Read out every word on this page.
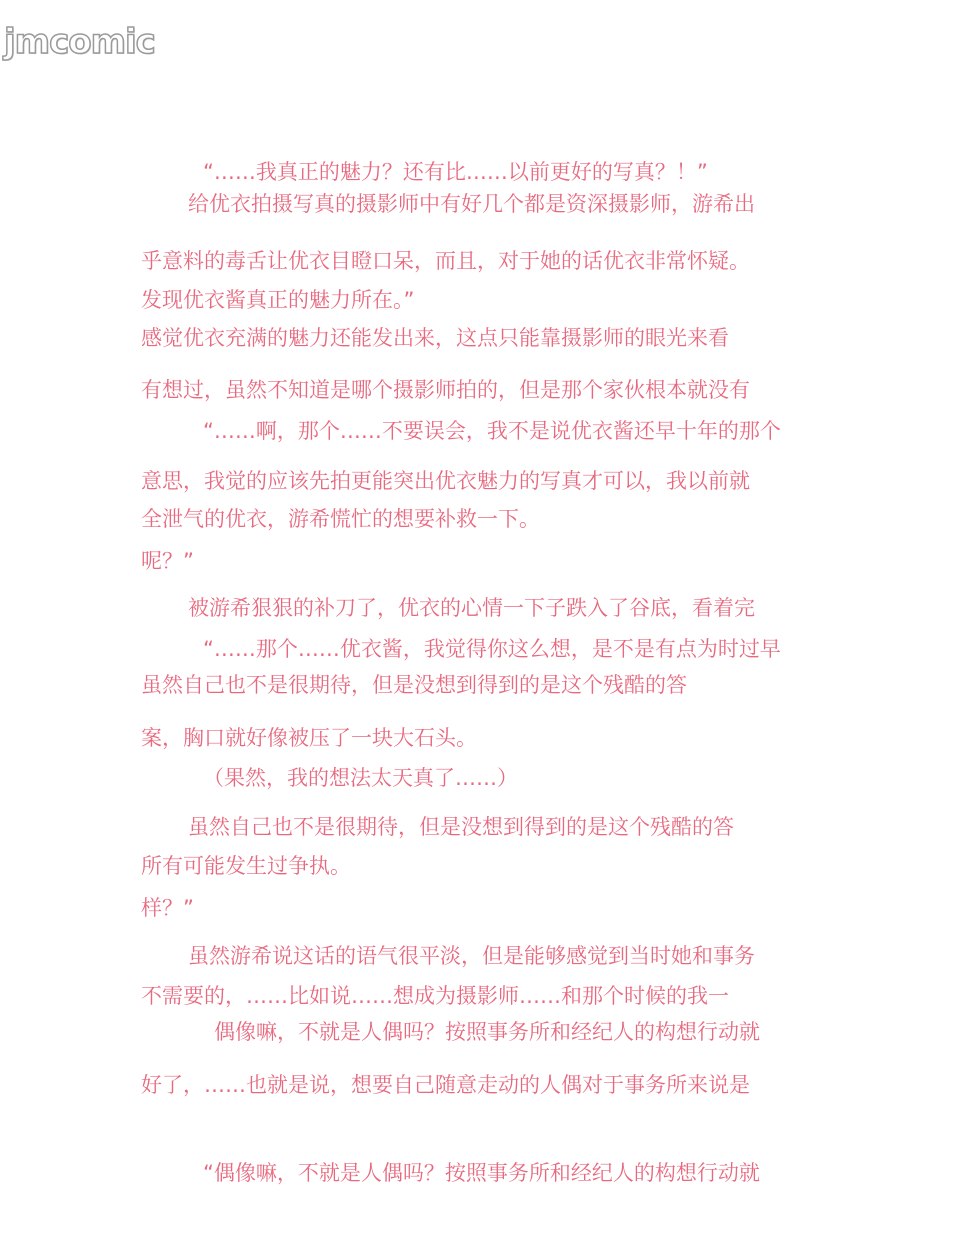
jmcomic
“……我真正的魅力？还有比……以前更好的写真？！”
给优衣拍摄写真的摄影师中有好几个都是资深摄影师，游希出
乎意料的毒舌让优衣目瞪口呆，而且，对于她的话优衣非常怀疑。
发现优衣酱真正的魅力所在。”
感觉优衣充满的魅力还能发出来，这点只能靠摄影师的眼光来看
有想过，虽然不知道是哪个摄影师拍的，但是那个家伙根本就没有
“……啊，那个……不要误会，我不是说优衣酱还早十年的那个
意思，我觉的应该先拍更能突出优衣魅力的写真才可以，我以前就
全泄气的优衣，游希慌忙的想要补救一下。
呢？”
被游希狠狠的补刀了，优衣的心情一下子跌入了谷底，看着完
“……那个……优衣酱，我觉得你这么想，是不是有点为时过早
虽然自己也不是很期待，但是没想到得到的是这个残酷的答
案，胸口就好像被压了一块大石头。
（果然，我的想法太天真了……）
虽然自己也不是很期待，但是没想到得到的是这个残酷的答
所有可能发生过争执。
样？”
虽然游希说这话的语气很平淡，但是能够感觉到当时她和事务
不需要的，……比如说……想成为摄影师……和那个时候的我一
偶像嘛，不就是人偶吗？按照事务所和经纪人的构想行动就
好了，……也就是说，想要自己随意走动的人偶对于事务所来说是
“偶像嘛，不就是人偶吗？按照事务所和经纪人的构想行动就
